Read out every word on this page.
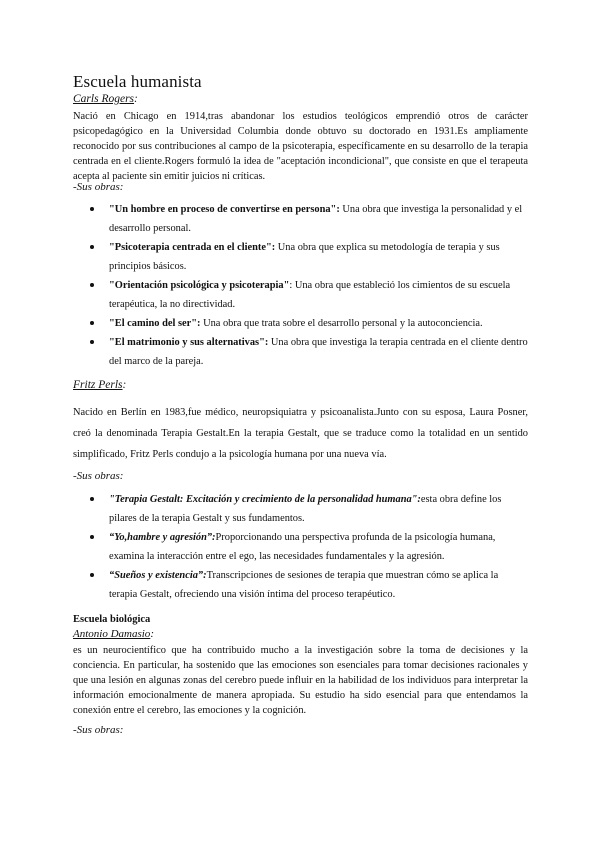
Escuela humanista
Carls Rogers:
Nació en Chicago en 1914,tras abandonar los estudios teológicos emprendió otros de carácter psicopedagógico en la Universidad Columbia donde obtuvo su doctorado en 1931.Es ampliamente reconocido por sus contribuciones al campo de la psicoterapia, específicamente en su desarrollo de la terapia centrada en el cliente.Rogers formuló la idea de "aceptación incondicional", que consiste en que el terapeuta acepta al paciente sin emitir juicios ni críticas.
-Sus obras:
"Un hombre en proceso de convertirse en persona": Una obra que investiga la personalidad y el desarrollo personal.
"Psicoterapia centrada en el cliente": Una obra que explica su metodología de terapia y sus principios básicos.
"Orientación psicológica y psicoterapia": Una obra que estableció los cimientos de su escuela terapéutica, la no directividad.
"El camino del ser": Una obra que trata sobre el desarrollo personal y la autoconciencia.
"El matrimonio y sus alternativas": Una obra que investiga la terapia centrada en el cliente dentro del marco de la pareja.
Fritz Perls:
Nacido en Berlín en 1983,fue médico, neuropsiquiatra y psicoanalista.Junto con su esposa, Laura Posner, creó la denominada Terapia Gestalt.En la terapia Gestalt, que se traduce como la totalidad en un sentido simplificado, Fritz Perls condujo a la psicología humana por una nueva vía.
-Sus obras:
"Terapia Gestalt: Excitación y crecimiento de la personalidad humana":esta obra define los pilares de la terapia Gestalt y sus fundamentos.
“Yo,hambre y agresión”:Proporcionando una perspectiva profunda de la psicología humana, examina la interacción entre el ego, las necesidades fundamentales y la agresión.
“Sueños y existencia”:Transcripciones de sesiones de terapia que muestran cómo se aplica la terapia Gestalt, ofreciendo una visión íntima del proceso terapéutico.
Escuela biológica
Antonio Damasio:
es un neurocientífico que ha contribuido mucho a la investigación sobre la toma de decisiones y la conciencia. En particular, ha sostenido que las emociones son esenciales para tomar decisiones racionales y que una lesión en algunas zonas del cerebro puede influir en la habilidad de los individuos para interpretar la información emocionalmente de manera apropiada. Su estudio ha sido esencial para que entendamos la conexión entre el cerebro, las emociones y la cognición.
-Sus obras:
